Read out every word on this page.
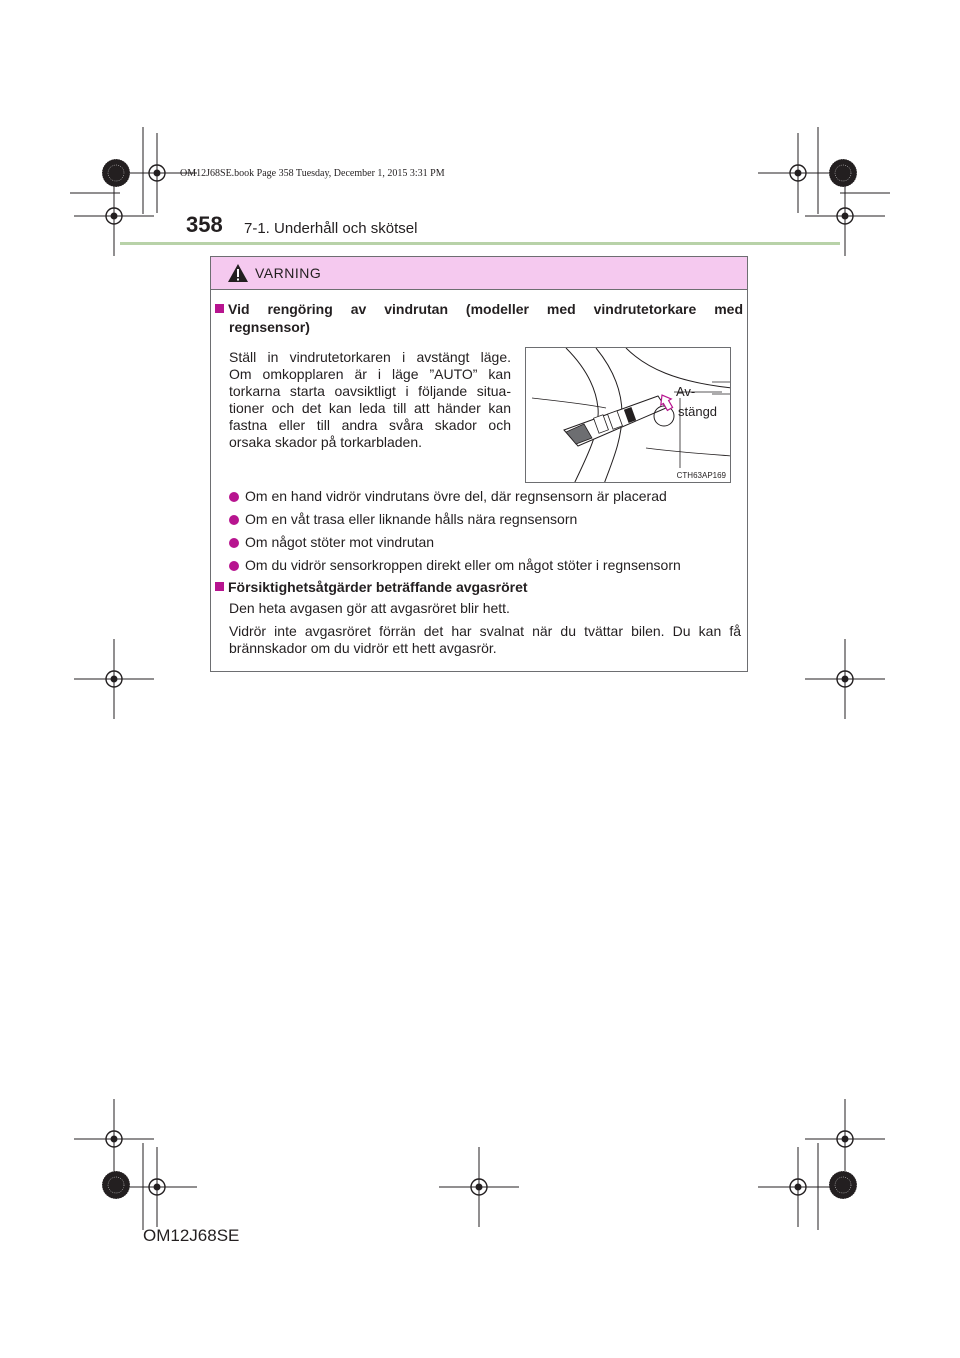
OM12J68SE.book Page 358 Tuesday, December 1, 2015 3:31 PM
358 7-1. Underhåll och skötsel
VARNING
Vid rengöring av vindrutan (modeller med vindrutetorkare med
regnsensor)
Ställ in vindrutetorkaren i avstängt läge.
Om omkopplaren är i läge ”AUTO” kan
torkarna starta oavsiktligt i följande situa-
tioner och det kan leda till att händer kan
fastna eller till andra svåra skador och
orsaka skador på torkarbladen.
Av-
stängd
CTH63AP169
Om en hand vidrör vindrutans övre del, där regnsensorn är placerad
Om en våt trasa eller liknande hålls nära regnsensorn
Om något stöter mot vindrutan
Om du vidrör sensorkroppen direkt eller om något stöter i regnsensorn
Försiktighetsåtgärder beträffande avgasröret
Den heta avgasen gör att avgasröret blir hett.
Vidrör inte avgasröret förrän det har svalnat när du tvättar bilen. Du kan få
brännskador om du vidrör ett hett avgasrör.
OM12J68SE
